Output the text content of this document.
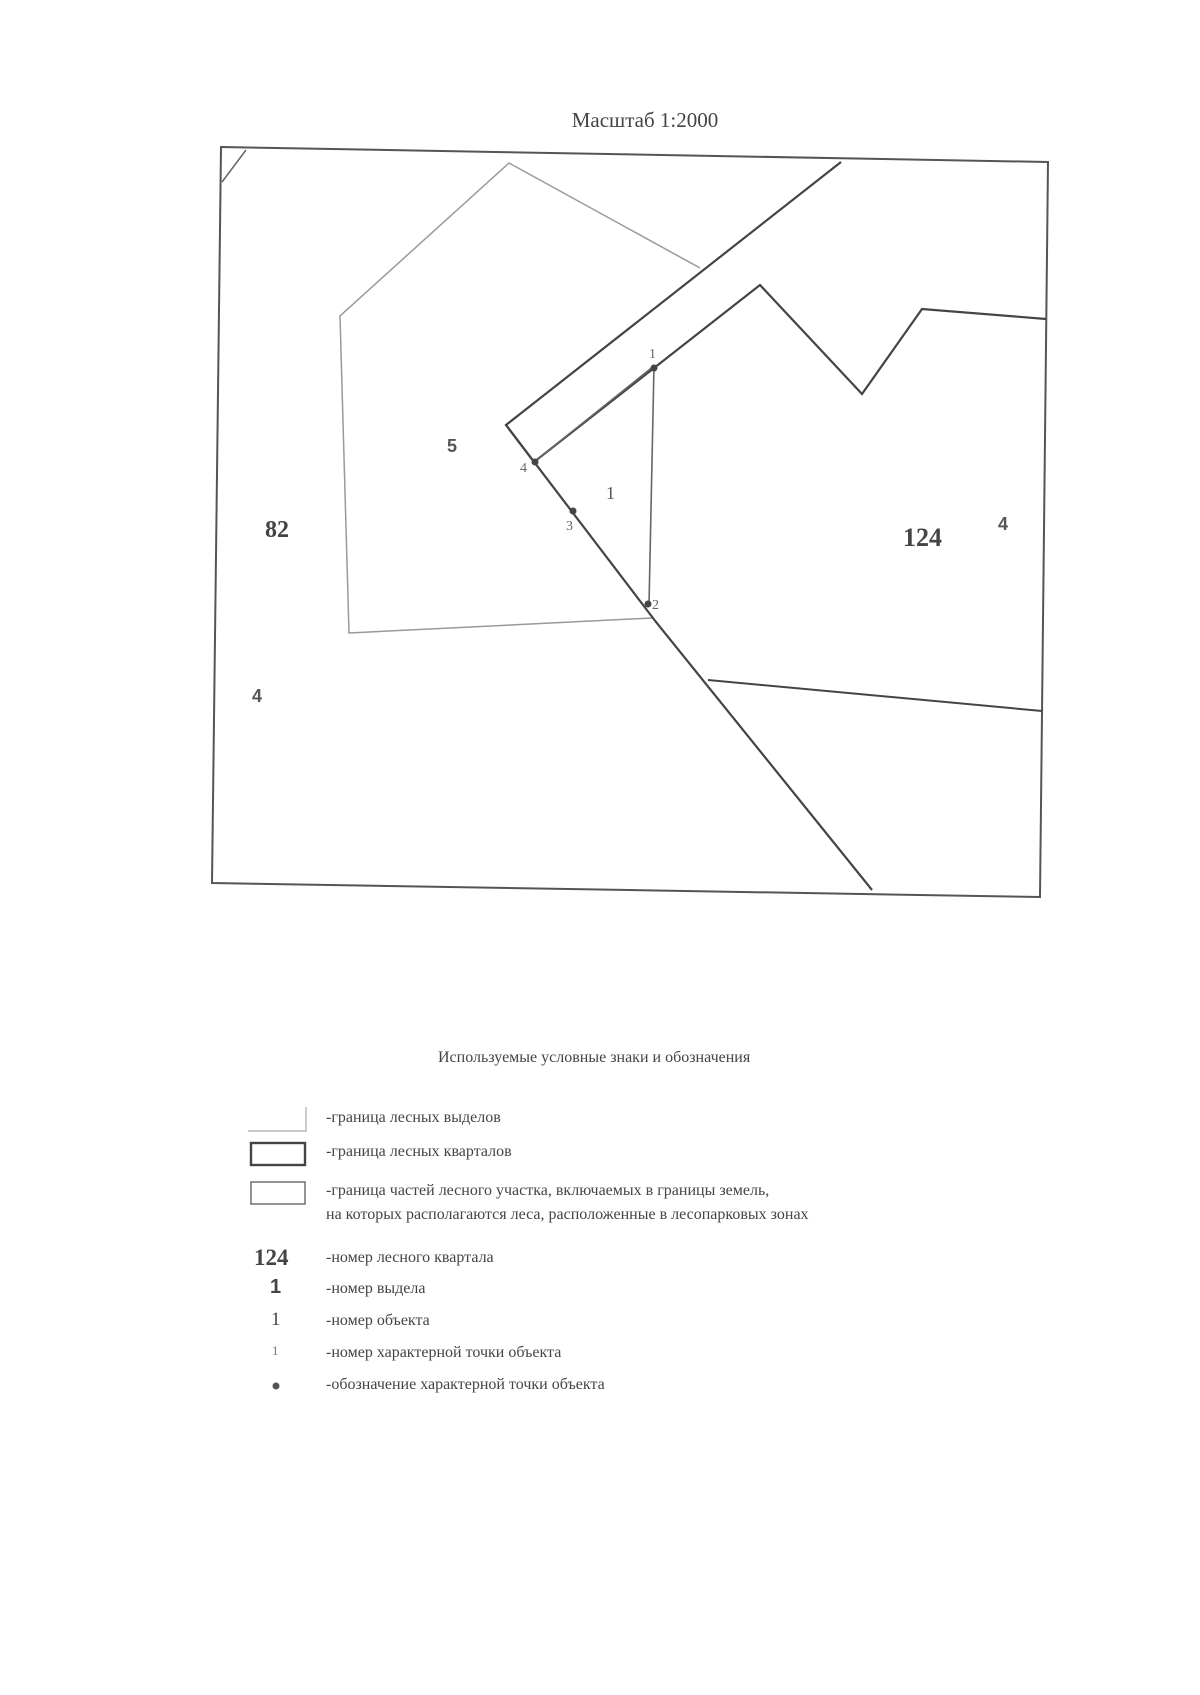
Масштаб 1:2000
82	124
5
4
4
1
1
2
3
4
Используемые условные знаки и обозначения
-граница лесных выделов
-граница лесных кварталов
-граница частей лесного участка, включаемых в границы земель,
на которых располагаются леса, расположенные в лесопарковых зонах
124 -номер лесного квартала
1	-номер выдела
1	-номер объекта
1	-номер характерной точки объекта
-обозначение характерной точки объекта
